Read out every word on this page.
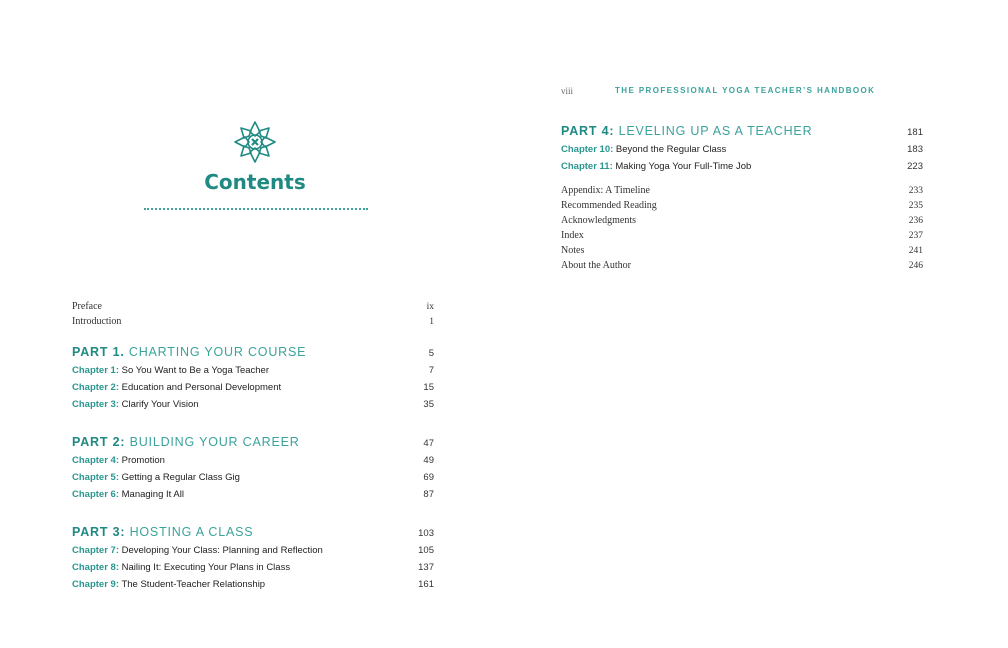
Contents
Preface	ix
Introduction	1
PART 1. CHARTING YOUR COURSE	5
Chapter 1: So You Want to Be a Yoga Teacher	7
Chapter 2: Education and Personal Development	15
Chapter 3: Clarify Your Vision	35
PART 2: BUILDING YOUR CAREER	47
Chapter 4: Promotion	49
Chapter 5: Getting a Regular Class Gig	69
Chapter 6: Managing It All	87
PART 3: HOSTING A CLASS	103
Chapter 7: Developing Your Class: Planning and Reflection	105
Chapter 8: Nailing It: Executing Your Plans in Class	137
Chapter 9: The Student-Teacher Relationship	161
viii	THE PROFESSIONAL YOGA TEACHER’S HANDBOOK
PART 4: LEVELING UP AS A TEACHER	181
Chapter 10: Beyond the Regular Class	183
Chapter 11: Making Yoga Your Full-Time Job	223
Appendix: A Timeline	233
Recommended Reading	235
Acknowledgments	236
Index	237
Notes	241
About the Author	246
